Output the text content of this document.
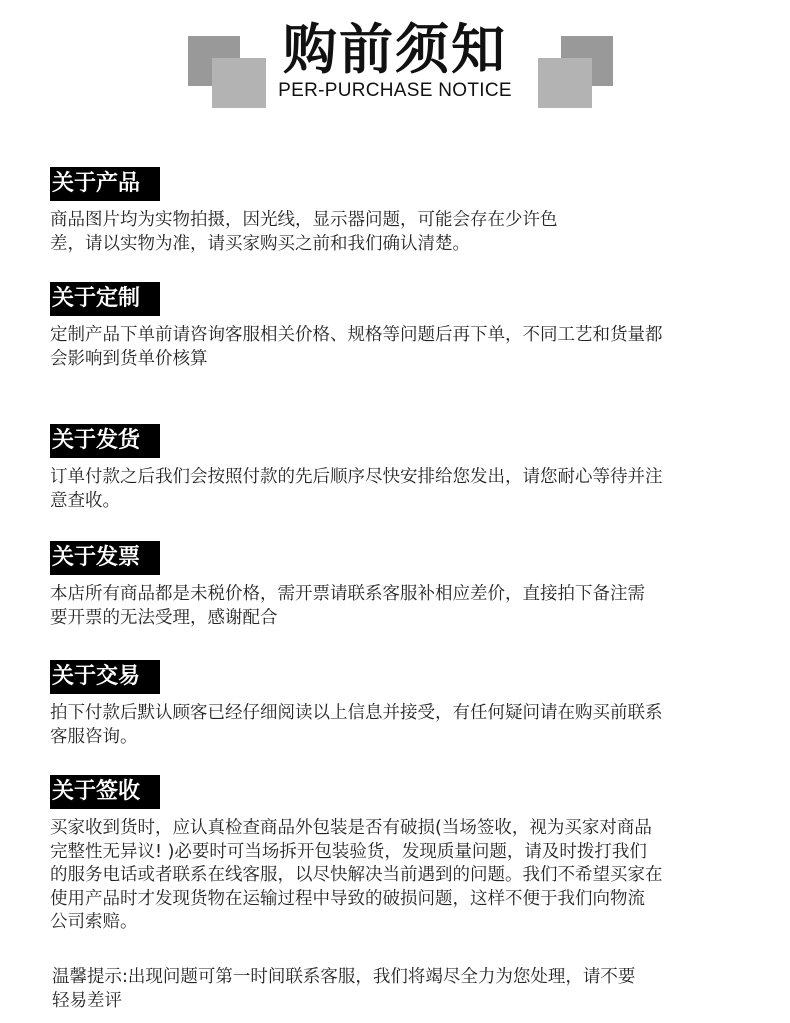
购前须知
PER-PURCHASE NOTICE
关于产品
商品图片均为实物拍摄，因光线，显示器问题，可能会存在少许色
差，请以实物为准，请买家购买之前和我们确认清楚。
关于定制
定制产品下单前请咨询客服相关价格、规格等问题后再下单，不同工艺和货量都
会影响到货单价核算
关于发货
订单付款之后我们会按照付款的先后顺序尽快安排给您发出，请您耐心等待并注
意查收。
关于发票
本店所有商品都是未税价格，需开票请联系客服补相应差价，直接拍下备注需
要开票的无法受理，感谢配合
关于交易
拍下付款后默认顾客已经仔细阅读以上信息并接受，有任何疑问请在购买前联系
客服咨询。
关于签收
买家收到货时，应认真检查商品外包装是否有破损(当场签收，视为买家对商品
完整性无异议! )必要时可当场拆开包装验货，发现质量问题，请及时拨打我们
的服务电话或者联系在线客服，以尽快解决当前遇到的问题。我们不希望买家在
使用产品时才发现货物在运输过程中导致的破损问题，这样不便于我们向物流
公司索赔。
温馨提示:出现问题可第一时间联系客服，我们将竭尽全力为您处理，请不要
轻易差评
